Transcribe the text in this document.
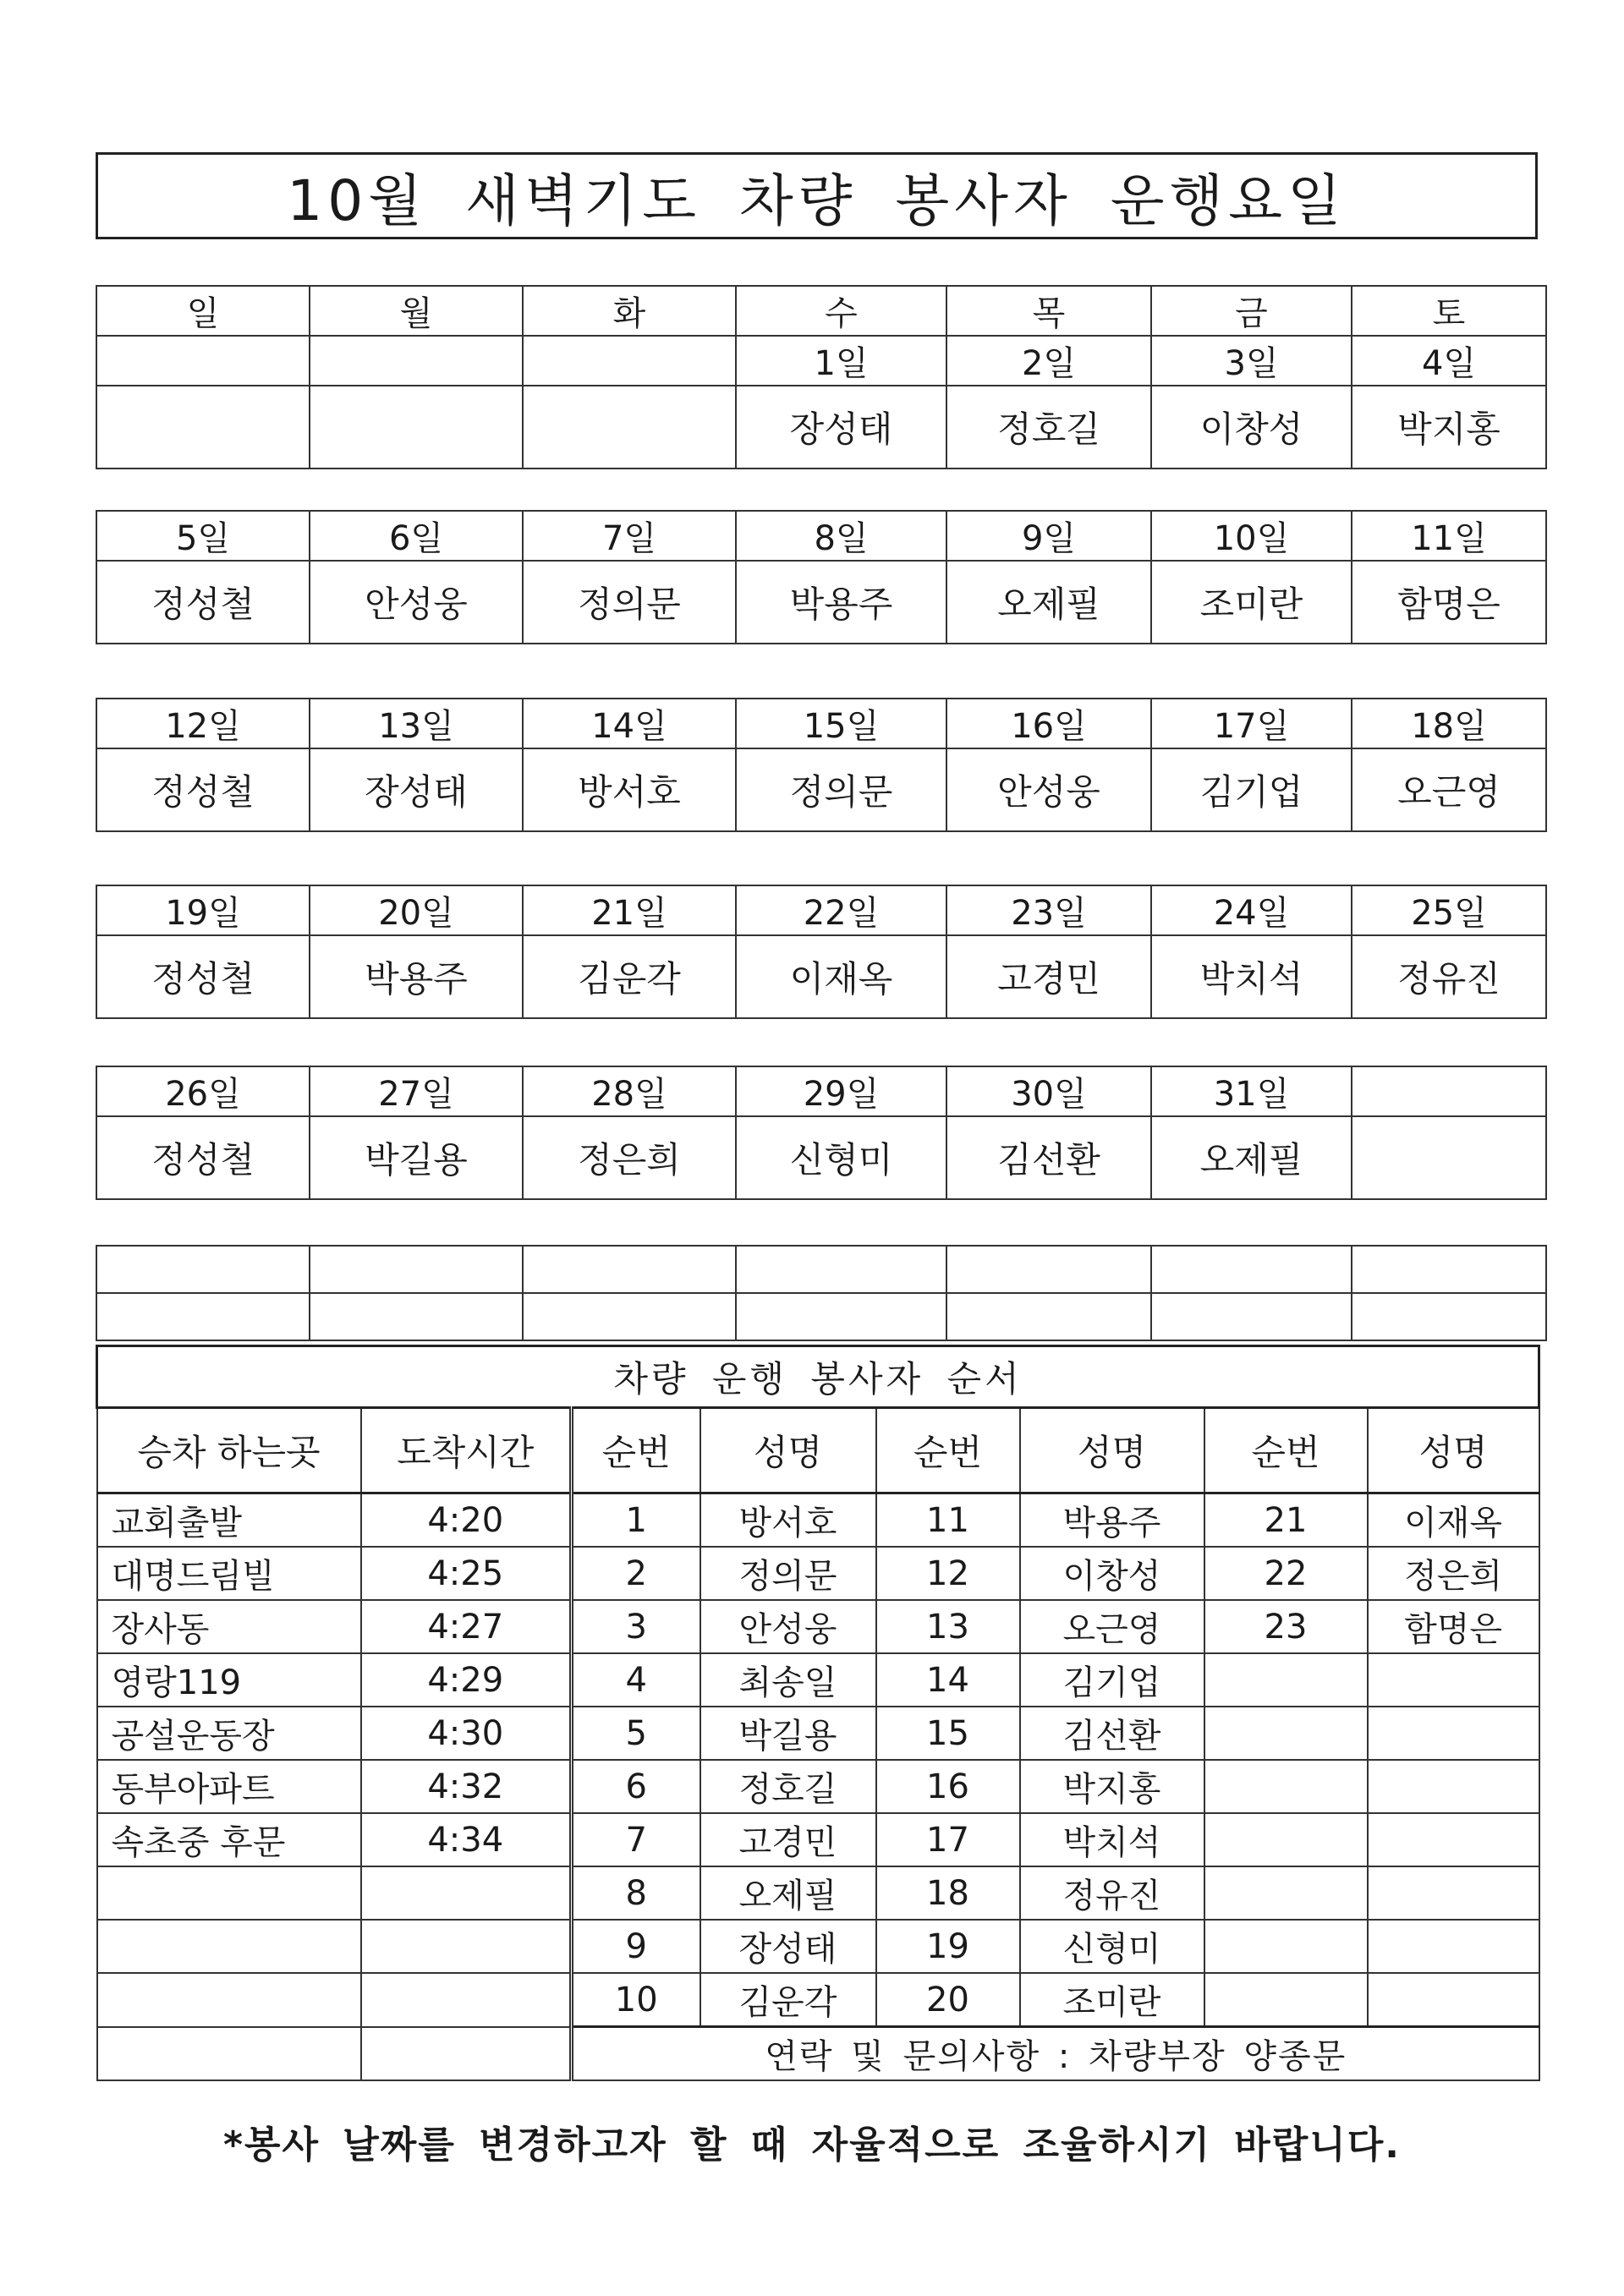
10월 새벽기도 차량 봉사자 운행요일
일	월	화	수	목	금	토
			1일	2일	3일	4일
			장성태	정호길	이창성	박지홍
5일	6일	7일	8일	9일	10일	11일
정성철	안성웅	정의문	박용주	오제필	조미란	함명은
12일	13일	14일	15일	16일	17일	18일
정성철	장성태	방서호	정의문	안성웅	김기업	오근영
19일	20일	21일	22일	23일	24일	25일
정성철	박용주	김운각	이재옥	고경민	박치석	정유진
26일	27일	28일	29일	30일	31일	
정성철	박길용	정은희	신형미	김선환	오제필	

차량 운행 봉사자 순서							
승차 하는곳	도착시간	순번	성명	순번	성명	순번	성명
교회출발	4:20	1	방서호	11	박용주	21	이재옥
대명드림빌	4:25	2	정의문	12	이창성	22	정은희
장사동	4:27	3	안성웅	13	오근영	23	함명은
영랑119	4:29	4	최송일	14	김기업		
공설운동장	4:30	5	박길용	15	김선환		
동부아파트	4:32	6	정호길	16	박지홍		
속초중 후문	4:34	7	고경민	17	박치석		
		8	오제필	18	정유진		
		9	장성태	19	신형미		
		10	김운각	20	조미란		
		연락 및 문의사항 : 차량부장 양종문					
*봉사 날짜를 변경하고자 할 때 자율적으로 조율하시기 바랍니다.
